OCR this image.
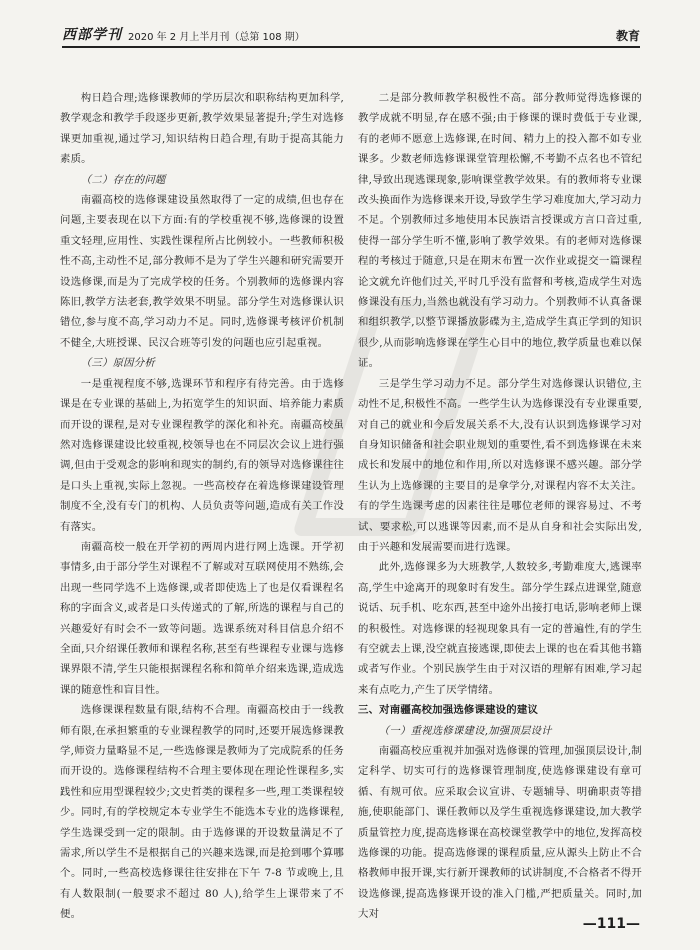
西部学刊 2020 年 2 月上半月刊（总第 108 期）	教育

构日趋合理;选修课教师的学历层次和职称结构更加科学,教学观念和教学手段逐步更新,教学效果显著提升;学生对选修课更加重视,通过学习,知识结构日趋合理,有助于提高其能力素质。

（二）存在的问题

南疆高校的选修课建设虽然取得了一定的成绩,但也存在问题,主要表现在以下方面:有的学校重视不够,选修课的设置重文轻理,应用性、实践性课程所占比例较小。一些教师积极性不高,主动性不足,部分教师不是为了学生兴趣和研究需要开设选修课,而是为了完成学校的任务。个别教师的选修课内容陈旧,教学方法老套,教学效果不明显。部分学生对选修课认识错位,参与度不高,学习动力不足。同时,选修课考核评价机制不健全,大班授课、民汉合班等引发的问题也应引起重视。

（三）原因分析

一是重视程度不够,选课环节和程序有待完善。由于选修课是在专业课的基础上,为拓宽学生的知识面、培养能力素质而开设的课程,是对专业课程教学的深化和补充。南疆高校虽然对选修课建设比较重视,校领导也在不同层次会议上进行强调,但由于受观念的影响和现实的制约,有的领导对选修课往往是口头上重视,实际上忽视。一些高校存在着选修课建设管理制度不全,没有专门的机构、人员负责等问题,造成有关工作没有落实。

南疆高校一般在开学初的两周内进行网上选课。开学初事情多,由于部分学生对课程不了解或对互联网使用不熟练,会出现一些同学选不上选修课,或者即使选上了也是仅看课程名称的字面含义,或者是口头传递式的了解,所选的课程与自己的兴趣爱好有时会不一致等问题。选课系统对科目信息介绍不全面,只介绍课任教师和课程名称,甚至有些课程专业课与选修课界限不清,学生只能根据课程名称和简单介绍来选课,造成选课的随意性和盲目性。

选修课课程数量有限,结构不合理。南疆高校由于一线教师有限,在承担繁重的专业课程教学的同时,还要开展选修课教学,师资力量略显不足,一些选修课是教师为了完成院系的任务而开设的。选修课程结构不合理主要体现在理论性课程多,实践性和应用型课程较少;文史哲类的课程多一些,理工类课程较少。同时,有的学校规定本专业学生不能选本专业的选修课程,学生选课受到一定的限制。由于选修课的开设数量满足不了需求,所以学生不是根据自己的兴趣来选课,而是抢到哪个算哪个。同时,一些高校选修课往往安排在下午 7-8 节或晚上,且有人数限制(一般要求不超过 80 人),给学生上课带来了不便。

二是部分教师教学积极性不高。部分教师觉得选修课的教学成就不明显,存在感不强;由于修课的课时费低于专业课,有的老师不愿意上选修课,在时间、精力上的投入都不如专业课多。少数老师选修课课堂管理松懈,不考勤不点名也不管纪律,导致出现逃课现象,影响课堂教学效果。有的教师将专业课改头换面作为选修课来开设,导致学生学习难度加大,学习动力不足。个别教师过多地使用本民族语言授课或方言口音过重,使得一部分学生听不懂,影响了教学效果。有的老师对选修课程的考核过于随意,只是在期末布置一次作业或提交一篇课程论文就允许他们过关,平时几乎没有监督和考核,造成学生对选修课没有压力,当然也就没有学习动力。个别教师不认真备课和组织教学,以整节课播放影碟为主,造成学生真正学到的知识很少,从而影响选修课在学生心目中的地位,教学质量也难以保证。

三是学生学习动力不足。部分学生对选修课认识错位,主动性不足,积极性不高。一些学生认为选修课没有专业课重要,对自己的就业和今后发展关系不大,没有认识到选修课学习对自身知识储备和社会职业规划的重要性,看不到选修课在未来成长和发展中的地位和作用,所以对选修课不感兴趣。部分学生认为上选修课的主要目的是拿学分,对课程内容不太关注。有的学生选课考虑的因素往往是哪位老师的课容易过、不考试、要求松,可以逃课等因素,而不是从自身和社会实际出发,由于兴趣和发展需要而进行选课。

此外,选修课多为大班教学,人数较多,考勤难度大,逃课率高,学生中途离开的现象时有发生。部分学生踩点进课堂,随意说话、玩手机、吃东西,甚至中途外出接打电话,影响老师上课的积极性。对选修课的轻视现象具有一定的普遍性,有的学生有空就去上课,没空就直接逃课,即使去上课的也在看其他书籍或者写作业。个别民族学生由于对汉语的理解有困难,学习起来有点吃力,产生了厌学情绪。

三、对南疆高校加强选修课建设的建议

（一）重视选修课建设,加强顶层设计

南疆高校应重视并加强对选修课的管理,加强顶层设计,制定科学、切实可行的选修课管理制度,使选修课建设有章可循、有规可依。应采取会议宣讲、专题辅导、明确职责等措施,使职能部门、课任教师以及学生重视选修课建设,加大教学质量管控力度,提高选修课在高校课堂教学中的地位,发挥高校选修课的功能。提高选修课的课程质量,应从源头上防止不合格教师申报开课,实行新开课教师的试讲制度,不合格者不得开设选修课,提高选修课开设的准入门槛,严把质量关。同时,加大对

—111—
